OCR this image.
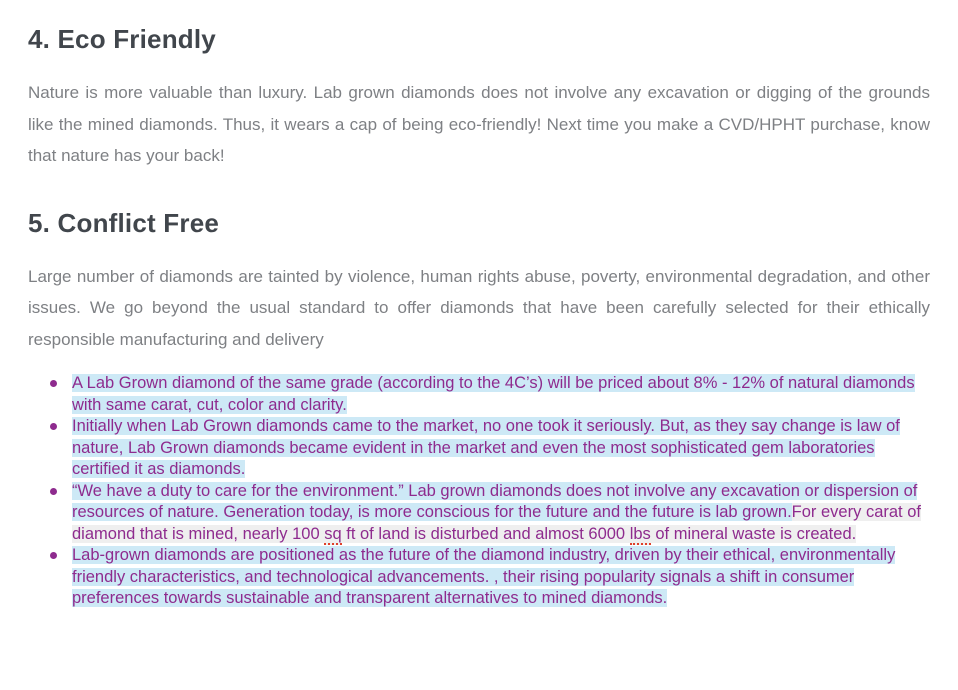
4. Eco Friendly

Nature is more valuable than luxury. Lab grown diamonds does not involve any excavation or digging of the grounds like the mined diamonds. Thus, it wears a cap of being eco-friendly! Next time you make a CVD/HPHT purchase, know that nature has your back!

5. Conflict Free

Large number of diamonds are tainted by violence, human rights abuse, poverty, environmental degradation, and other issues. We go beyond the usual standard to offer diamonds that have been carefully selected for their ethically responsible manufacturing and delivery

A Lab Grown diamond of the same grade (according to the 4C’s) will be priced about 8% - 12% of natural diamonds with same carat, cut, color and clarity.
Initially when Lab Grown diamonds came to the market, no one took it seriously. But, as they say change is law of nature, Lab Grown diamonds became evident in the market and even the most sophisticated gem laboratories certified it as diamonds.
“We have a duty to care for the environment.” Lab grown diamonds does not involve any excavation or dispersion of resources of nature. Generation today, is more conscious for the future and the future is lab grown.For every carat of diamond that is mined, nearly 100 sq ft of land is disturbed and almost 6000 lbs of mineral waste is created.
Lab-grown diamonds are positioned as the future of the diamond industry, driven by their ethical, environmentally friendly characteristics, and technological advancements. , their rising popularity signals a shift in consumer preferences towards sustainable and transparent alternatives to mined diamonds.
